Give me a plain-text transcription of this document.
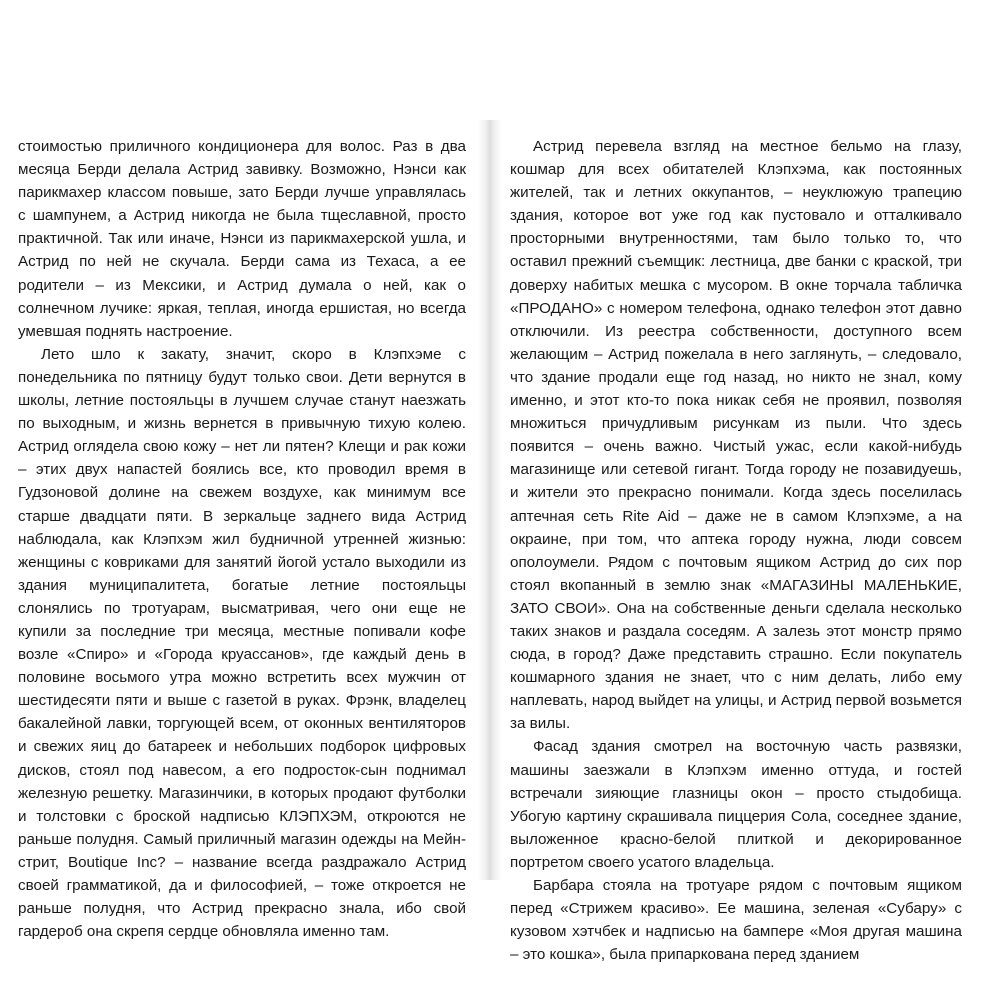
стоимостью приличного кондиционера для волос. Раз в два месяца Берди делала Астрид завивку. Возможно, Нэнси как парикмахер классом повыше, зато Берди лучше управлялась с шампунем, а Астрид никогда не была тщеславной, просто практичной. Так или иначе, Нэнси из парикмахерской ушла, и Астрид по ней не скучала. Берди сама из Техаса, а ее родители – из Мексики, и Астрид думала о ней, как о солнечном лучике: яркая, теплая, иногда ершистая, но всегда умевшая поднять настроение.

Лето шло к закату, значит, скоро в Клэпхэме с понедельника по пятницу будут только свои. Дети вернутся в школы, летние постояльцы в лучшем случае станут наезжать по выходным, и жизнь вернется в привычную тихую колею. Астрид оглядела свою кожу – нет ли пятен? Клещи и рак кожи – этих двух напастей боялись все, кто проводил время в Гудзоновой долине на свежем воздухе, как минимум все старше двадцати пяти. В зеркальце заднего вида Астрид наблюдала, как Клэпхэм жил будничной утренней жизнью: женщины с ковриками для занятий йогой устало выходили из здания муниципалитета, богатые летние постояльцы слонялись по тротуарам, высматривая, чего они еще не купили за последние три месяца, местные попивали кофе возле «Спиро» и «Города круассанов», где каждый день в половине восьмого утра можно встретить всех мужчин от шестидесяти пяти и выше с газетой в руках. Фрэнк, владелец бакалейной лавки, торгующей всем, от оконных вентиляторов и свежих яиц до батареек и небольших подборок цифровых дисков, стоял под навесом, а его подросток-сын поднимал железную решетку. Магазинчики, в которых продают футболки и толстовки с броской надписью КЛЭПХЭМ, откроются не раньше полудня. Самый приличный магазин одежды на Мейн-стрит, Boutique Inc? – название всегда раздражало Астрид своей грамматикой, да и философией, – тоже откроется не раньше полудня, что Астрид прекрасно знала, ибо свой гардероб она скрепя сердце обновляла именно там.

Астрид перевела взгляд на местное бельмо на глазу, кошмар для всех обитателей Клэпхэма, как постоянных жителей, так и летних оккупантов, – неуклюжую трапецию здания, которое вот уже год как пустовало и отталкивало просторными внутренностями, там было только то, что оставил прежний съемщик: лестница, две банки с краской, три доверху набитых мешка с мусором. В окне торчала табличка «ПРОДАНО» с номером телефона, однако телефон этот давно отключили. Из реестра собственности, доступного всем желающим – Астрид пожелала в него заглянуть, – следовало, что здание продали еще год назад, но никто не знал, кому именно, и этот кто-то пока никак себя не проявил, позволяя множиться причудливым рисункам из пыли. Что здесь появится – очень важно. Чистый ужас, если какой-нибудь магазинище или сетевой гигант. Тогда городу не позавидуешь, и жители это прекрасно понимали. Когда здесь поселилась аптечная сеть Rite Aid – даже не в самом Клэпхэме, а на окраине, при том, что аптека городу нужна, люди совсем ополоумели. Рядом с почтовым ящиком Астрид до сих пор стоял вкопанный в землю знак «МАГАЗИНЫ МАЛЕНЬКИЕ, ЗАТО СВОИ». Она на собственные деньги сделала несколько таких знаков и раздала соседям. А залезь этот монстр прямо сюда, в город? Даже представить страшно. Если покупатель кошмарного здания не знает, что с ним делать, либо ему наплевать, народ выйдет на улицы, и Астрид первой возьмется за вилы.

Фасад здания смотрел на восточную часть развязки, машины заезжали в Клэпхэм именно оттуда, и гостей встречали зияющие глазницы окон – просто стыдобища. Убогую картину скрашивала пиццерия Сола, соседнее здание, выложенное красно-белой плиткой и декорированное портретом своего усатого владельца.

Барбара стояла на тротуаре рядом с почтовым ящиком перед «Стрижем красиво». Ее машина, зеленая «Субару» с кузовом хэтчбек и надписью на бампере «Моя другая машина – это кошка», была припаркована перед зданием
